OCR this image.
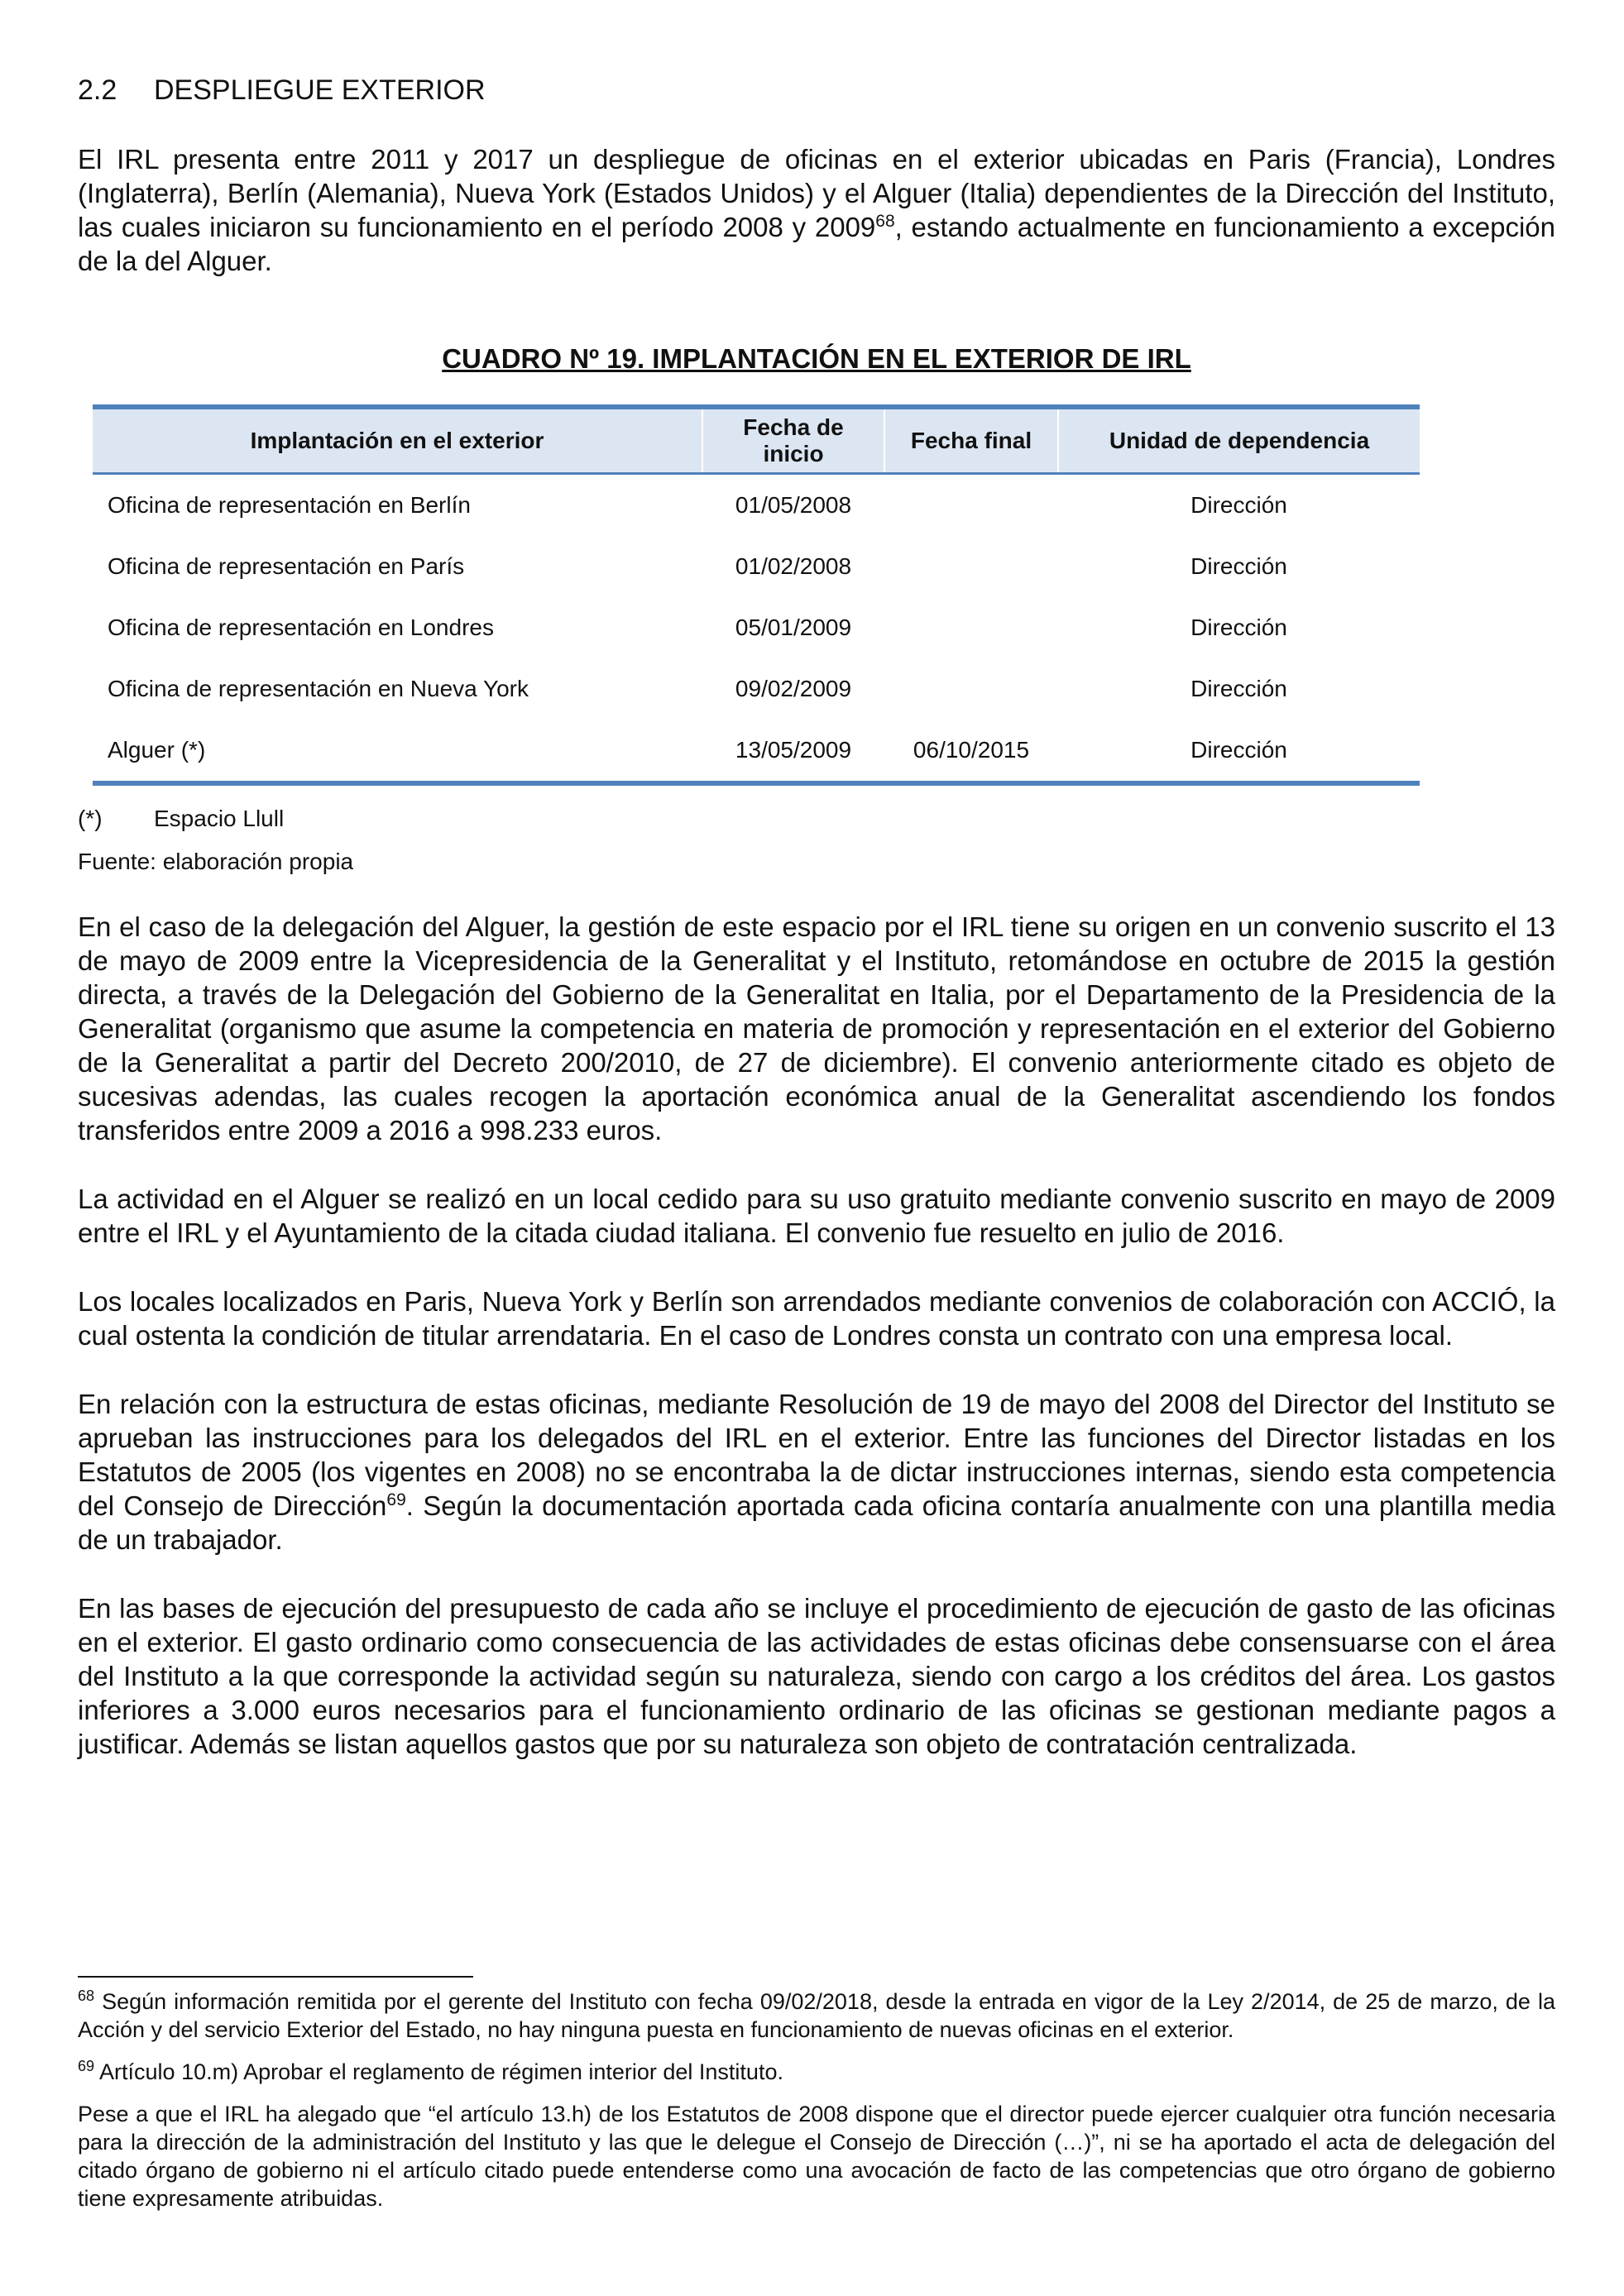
2.2 DESPLIEGUE EXTERIOR

El IRL presenta entre 2011 y 2017 un despliegue de oficinas en el exterior ubicadas en Paris (Francia), Londres (Inglaterra), Berlín (Alemania), Nueva York (Estados Unidos) y el Alguer (Italia) dependientes de la Dirección del Instituto, las cuales iniciaron su funcionamiento en el período 2008 y 2009$^{68}$, estando actualmente en funcionamiento a excepción de la del Alguer.

CUADRO Nº 19. IMPLANTACIÓN EN EL EXTERIOR DE IRL
Implantación en el exterior	Fecha de inicio	Fecha final	Unidad de dependencia
Oficina de representación en Berlín	01/05/2008		Dirección
Oficina de representación en París	01/02/2008		Dirección
Oficina de representación en Londres	05/01/2009		Dirección
Oficina de representación en Nueva York	09/02/2009		Dirección
Alguer (*)	13/05/2009	06/10/2015	Dirección
(*) Espacio Llull
Fuente: elaboración propia

En el caso de la delegación del Alguer, la gestión de este espacio por el IRL tiene su origen en un convenio suscrito el 13 de mayo de 2009 entre la Vicepresidencia de la Generalitat y el Instituto, retomándose en octubre de 2015 la gestión directa, a través de la Delegación del Gobierno de la Generalitat en Italia, por el Departamento de la Presidencia de la Generalitat (organismo que asume la competencia en materia de promoción y representación en el exterior del Gobierno de la Generalitat a partir del Decreto 200/2010, de 27 de diciembre). El convenio anteriormente citado es objeto de sucesivas adendas, las cuales recogen la aportación económica anual de la Generalitat ascendiendo los fondos transferidos entre 2009 a 2016 a 998.233 euros.

La actividad en el Alguer se realizó en un local cedido para su uso gratuito mediante convenio suscrito en mayo de 2009 entre el IRL y el Ayuntamiento de la citada ciudad italiana. El convenio fue resuelto en julio de 2016.

Los locales localizados en Paris, Nueva York y Berlín son arrendados mediante convenios de colaboración con ACCIÓ, la cual ostenta la condición de titular arrendataria. En el caso de Londres consta un contrato con una empresa local.

En relación con la estructura de estas oficinas, mediante Resolución de 19 de mayo del 2008 del Director del Instituto se aprueban las instrucciones para los delegados del IRL en el exterior. Entre las funciones del Director listadas en los Estatutos de 2005 (los vigentes en 2008) no se encontraba la de dictar instrucciones internas, siendo esta competencia del Consejo de Dirección$^{69}$. Según la documentación aportada cada oficina contaría anualmente con una plantilla media de un trabajador.

En las bases de ejecución del presupuesto de cada año se incluye el procedimiento de ejecución de gasto de las oficinas en el exterior. El gasto ordinario como consecuencia de las actividades de estas oficinas debe consensuarse con el área del Instituto a la que corresponde la actividad según su naturaleza, siendo con cargo a los créditos del área. Los gastos inferiores a 3.000 euros necesarios para el funcionamiento ordinario de las oficinas se gestionan mediante pagos a justificar. Además se listan aquellos gastos que por su naturaleza son objeto de contratación centralizada.

$^{68}$ Según información remitida por el gerente del Instituto con fecha 09/02/2018, desde la entrada en vigor de la Ley 2/2014, de 25 de marzo, de la Acción y del servicio Exterior del Estado, no hay ninguna puesta en funcionamiento de nuevas oficinas en el exterior.

$^{69}$ Artículo 10.m) Aprobar el reglamento de régimen interior del Instituto.

Pese a que el IRL ha alegado que “el artículo 13.h) de los Estatutos de 2008 dispone que el director puede ejercer cualquier otra función necesaria para la dirección de la administración del Instituto y las que le delegue el Consejo de Dirección (…)”, ni se ha aportado el acta de delegación del citado órgano de gobierno ni el artículo citado puede entenderse como una avocación de facto de las competencias que otro órgano de gobierno tiene expresamente atribuidas.
